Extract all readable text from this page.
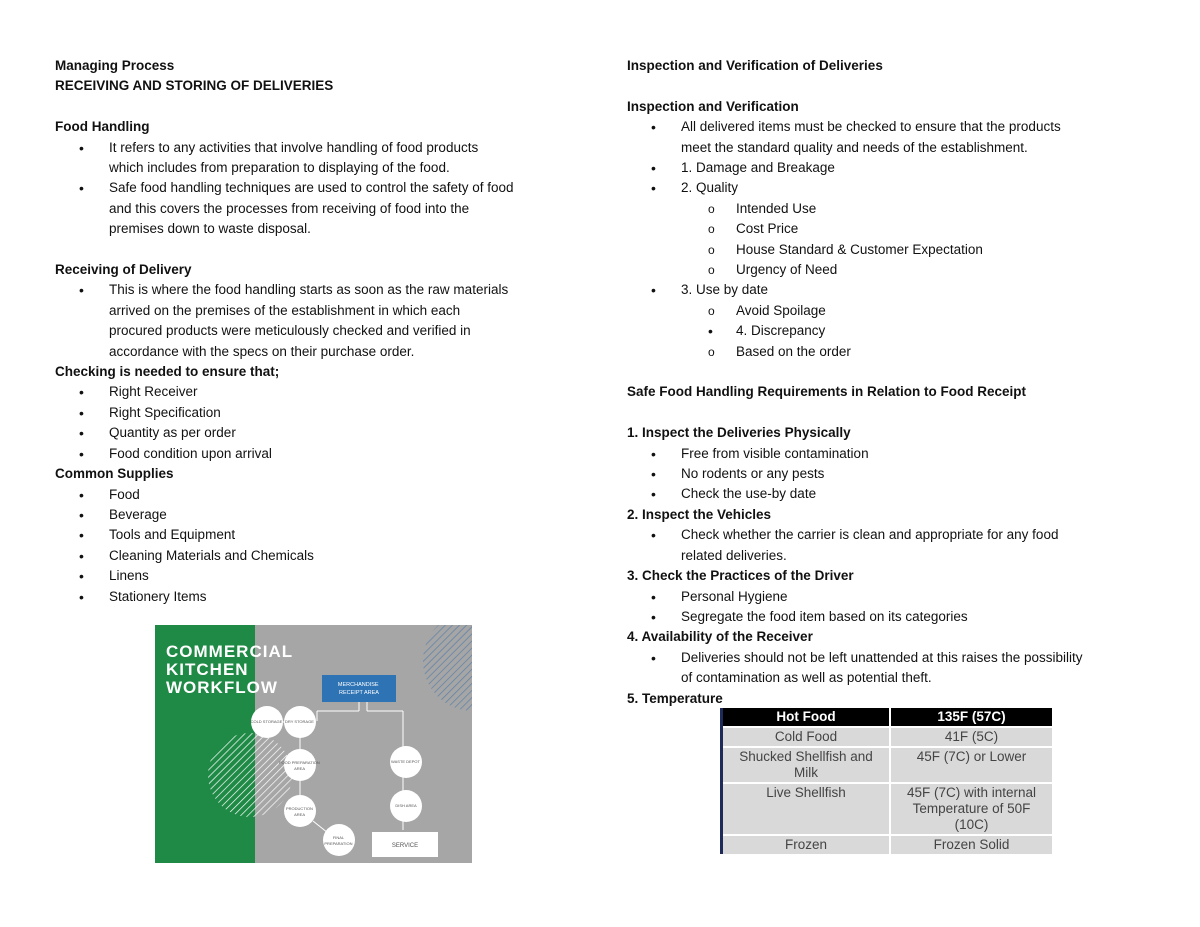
Managing Process
RECEIVING AND STORING OF DELIVERIES
Food Handling
• It refers to any activities that involve handling of food products
which includes from preparation to displaying of the food.
• Safe food handling techniques are used to control the safety of food
and this covers the processes from receiving of food into the
premises down to waste disposal.
Receiving of Delivery
• This is where the food handling starts as soon as the raw materials
arrived on the premises of the establishment in which each
procured products were meticulously checked and verified in
accordance with the specs on their purchase order.
Checking is needed to ensure that;
• Right Receiver
• Right Specification
• Quantity as per order
• Food condition upon arrival
Common Supplies
• Food
• Beverage
• Tools and Equipment
• Cleaning Materials and Chemicals
• Linens
• Stationery Items
COMMERCIAL KITCHEN WORKFLOW	MERCHANDISE RECEIPT AREA
COLD STORAGE DRY STORAGE FOOD PREPARATION AREA PRODUCTION AREA FINAL PREPARATION WASTE DEPOT DISH AREA
SERVICE
Inspection and Verification of Deliveries
Inspection and Verification
• All delivered items must be checked to ensure that the products
meet the standard quality and needs of the establishment.
• 1. Damage and Breakage
• 2. Quality
o Intended Use
o Cost Price
o House Standard & Customer Expectation
o Urgency of Need
• 3. Use by date
o Avoid Spoilage
• 4. Discrepancy
o Based on the order
Safe Food Handling Requirements in Relation to Food Receipt
1. Inspect the Deliveries Physically
• Free from visible contamination
• No rodents or any pests
• Check the use-by date
2. Inspect the Vehicles
• Check whether the carrier is clean and appropriate for any food
related deliveries.
3. Check the Practices of the Driver
• Personal Hygiene
• Segregate the food item based on its categories
4. Availability of the Receiver
• Deliveries should not be left unattended at this raises the possibility
of contamination as well as potential theft.
5. Temperature
Hot Food	135F (57C)
Cold Food	41F (5C)
Shucked Shellfish and
Milk	45F (7C) or Lower
Live Shellfish	45F (7C) with internal
Temperature of 50F
(10C)
Frozen	Frozen Solid
